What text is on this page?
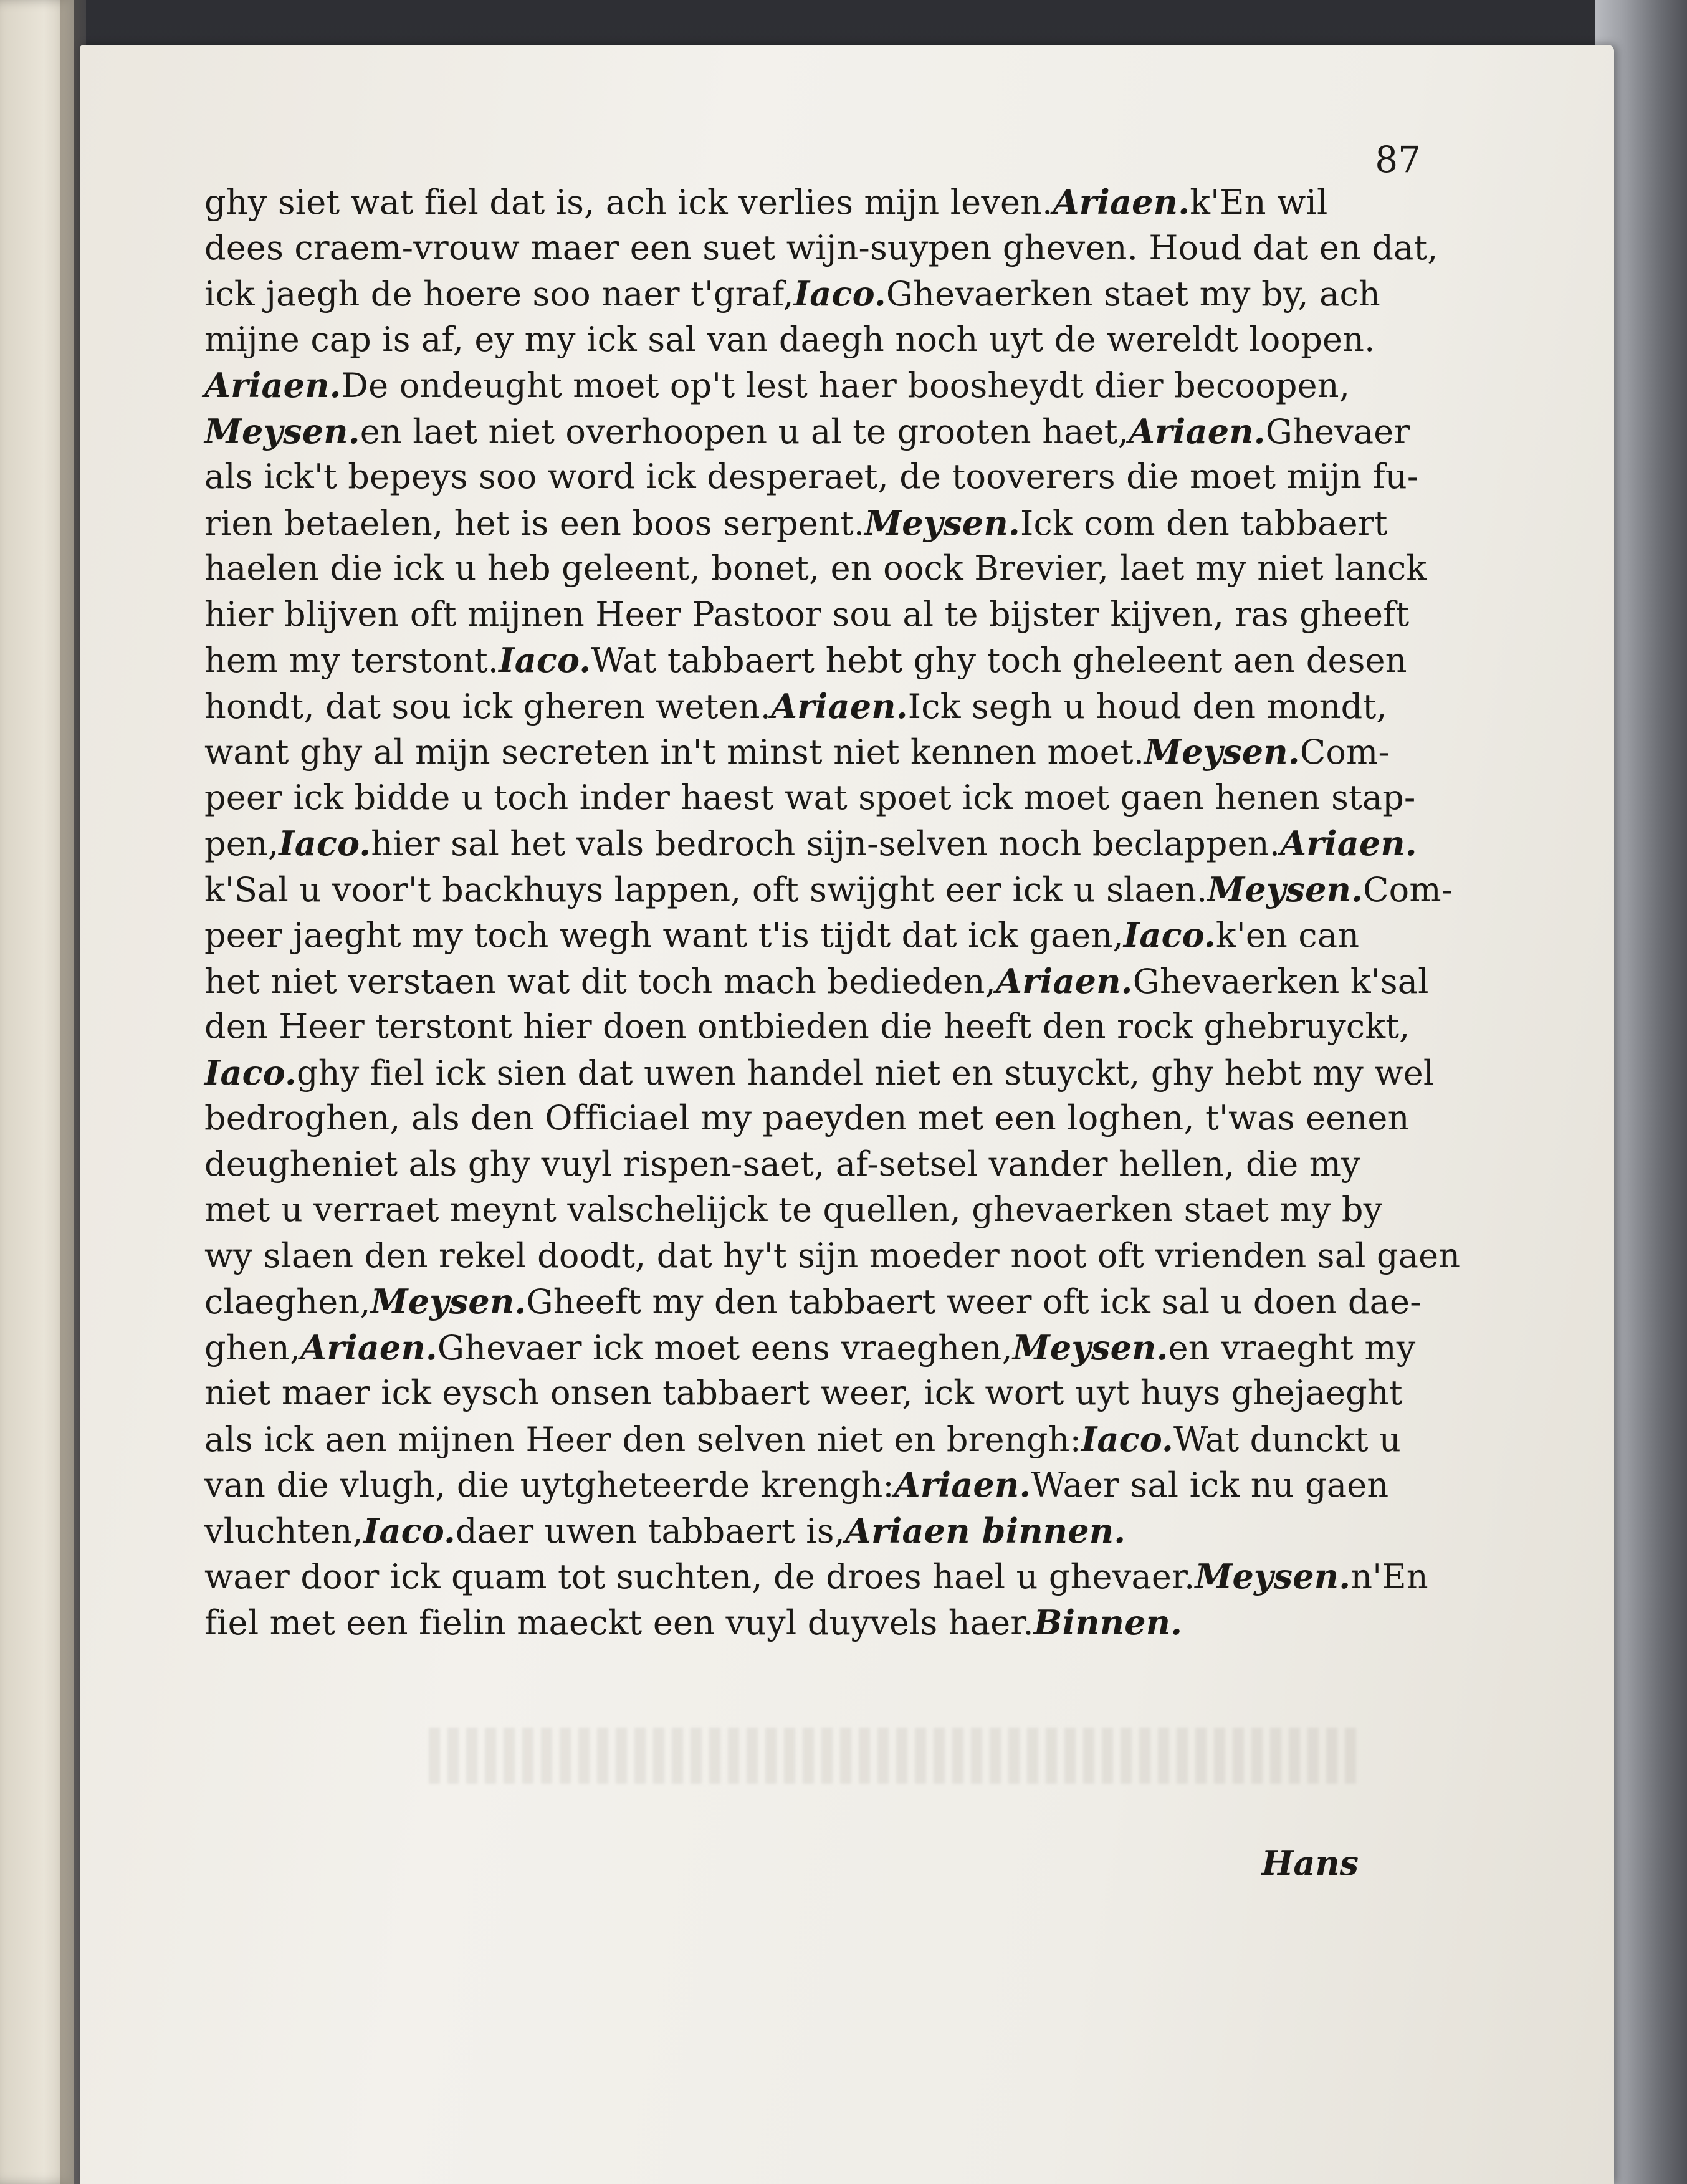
87
ghy siet wat fiel dat is, ach ick verlies mijn leven. Ariaen. k'En wil
dees craem-vrouw maer een suet wijn-suypen gheven. Houd dat en dat,
ick jaegh de hoere soo naer t'graf, Iaco. Ghevaerken staet my by, ach
mijne cap is af, ey my ick sal van daegh noch uyt de wereldt loopen.
Ariaen. De ondeught moet op't lest haer boosheydt dier becoopen,
Meysen. en laet niet overhoopen u al te grooten haet, Ariaen. Ghevaer
als ick't bepeys soo word ick desperaet, de tooverers die moet mijn fu-
rien betaelen, het is een boos serpent. Meysen. Ick com den tabbaert
haelen die ick u heb geleent, bonet, en oock Brevier, laet my niet lanck
hier blijven oft mijnen Heer Pastoor sou al te bijster kijven, ras gheeft
hem my terstont. Iaco. Wat tabbaert hebt ghy toch gheleent aen desen
hondt, dat sou ick gheren weten. Ariaen. Ick segh u houd den mondt,
want ghy al mijn secreten in't minst niet kennen moet. Meysen. Com-
peer ick bidde u toch inder haest wat spoet ick moet gaen henen stap-
pen, Iaco. hier sal het vals bedroch sijn-selven noch beclappen. Ariaen.
k'Sal u voor't backhuys lappen, oft swijght eer ick u slaen. Meysen. Com-
peer jaeght my toch wegh want t'is tijdt dat ick gaen, Iaco. k'en can
het niet verstaen wat dit toch mach bedieden, Ariaen. Ghevaerken k'sal
den Heer terstont hier doen ontbieden die heeft den rock ghebruyckt,
Iaco. ghy fiel ick sien dat uwen handel niet en stuyckt, ghy hebt my wel
bedroghen, als den Officiael my paeyden met een loghen, t'was eenen
deugheniet als ghy vuyl rispen-saet, af-setsel vander hellen, die my
met u verraet meynt valschelijck te quellen, ghevaerken staet my by
wy slaen den rekel doodt, dat hy't sijn moeder noot oft vrienden sal gaen
claeghen, Meysen. Gheeft my den tabbaert weer oft ick sal u doen dae-
ghen, Ariaen. Ghevaer ick moet eens vraeghen, Meysen. en vraeght my
niet maer ick eysch onsen tabbaert weer, ick wort uyt huys ghejaeght
als ick aen mijnen Heer den selven niet en brengh: Iaco. Wat dunckt u
van die vlugh, die uytgheteerde krengh: Ariaen. Waer sal ick nu gaen
vluchten, Iaco. daer uwen tabbaert is, Ariaen binnen.
waer door ick quam tot suchten, de droes hael u ghevaer. Meysen. n'En
fiel met een fielin maeckt een vuyl duyvels haer. Binnen.
Hans
